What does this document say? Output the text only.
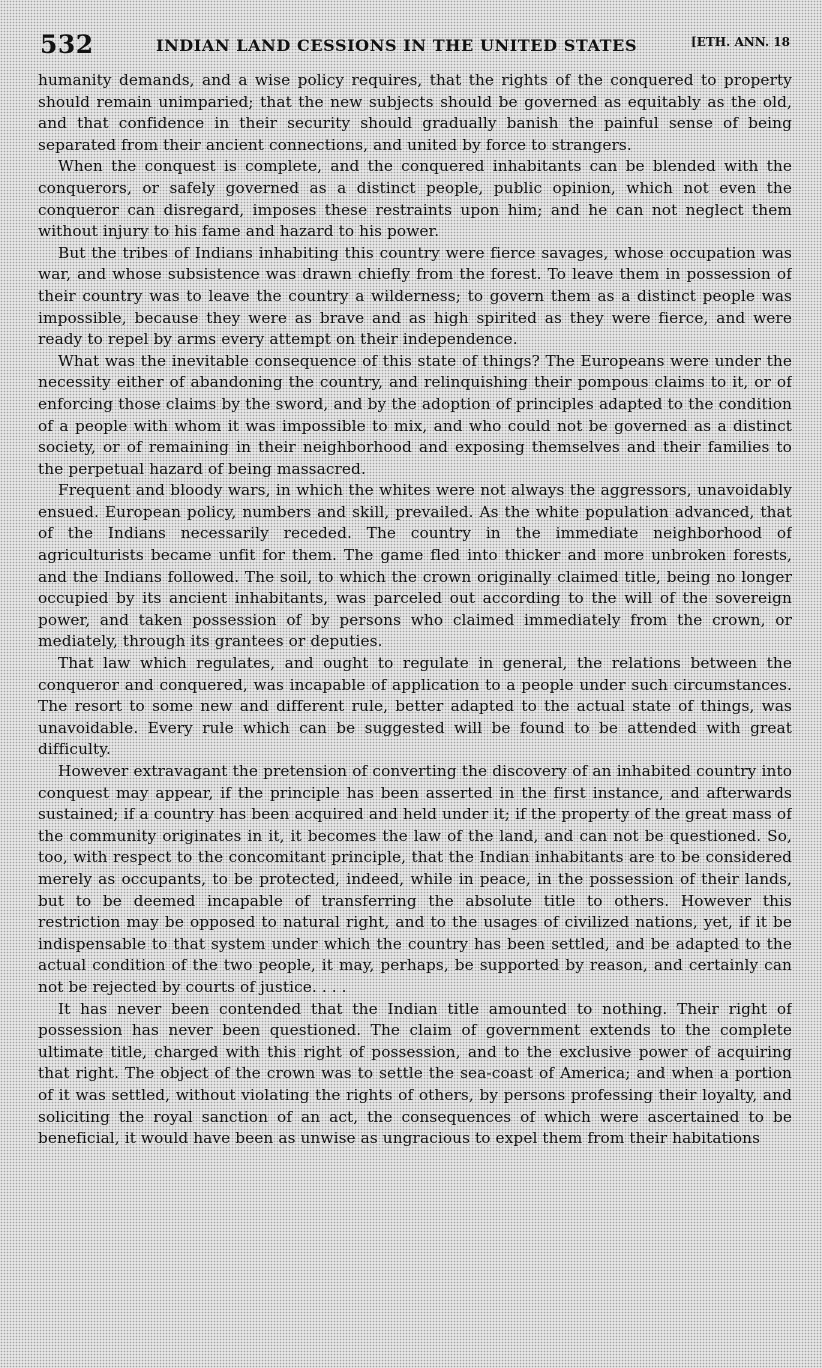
532	INDIAN LAND CESSIONS IN THE UNITED STATES	[ETH. ANN. 18

humanity demands, and a wise policy requires, that the rights of the conquered to property should remain unimparied; that the new subjects should be governed as equitably as the old, and that confidence in their security should gradually banish the painful sense of being separated from their ancient connections, and united by force to strangers.

When the conquest is complete, and the conquered inhabitants can be blended with the conquerors, or safely governed as a distinct people, public opinion, which not even the conqueror can disregard, imposes these restraints upon him; and he can not neglect them without injury to his fame and hazard to his power.

But the tribes of Indians inhabiting this country were fierce savages, whose occupation was war, and whose subsistence was drawn chiefly from the forest. To leave them in possession of their country was to leave the country a wilderness; to govern them as a distinct people was impossible, because they were as brave and as high spirited as they were fierce, and were ready to repel by arms every attempt on their independence.

What was the inevitable consequence of this state of things? The Europeans were under the necessity either of abandoning the country, and relinquishing their pompous claims to it, or of enforcing those claims by the sword, and by the adoption of principles adapted to the condition of a people with whom it was impossible to mix, and who could not be governed as a distinct society, or of remaining in their neighborhood and exposing themselves and their families to the perpetual hazard of being massacred.

Frequent and bloody wars, in which the whites were not always the aggressors, unavoidably ensued. European policy, numbers and skill, prevailed. As the white population advanced, that of the Indians necessarily receded. The country in the immediate neighborhood of agriculturists became unfit for them. The game fled into thicker and more unbroken forests, and the Indians followed. The soil, to which the crown originally claimed title, being no longer occupied by its ancient inhabitants, was parceled out according to the will of the sovereign power, and taken possession of by persons who claimed immediately from the crown, or mediately, through its grantees or deputies.

That law which regulates, and ought to regulate in general, the relations between the conqueror and conquered, was incapable of application to a people under such circumstances. The resort to some new and different rule, better adapted to the actual state of things, was unavoidable. Every rule which can be suggested will be found to be attended with great difficulty.

However extravagant the pretension of converting the discovery of an inhabited country into conquest may appear, if the principle has been asserted in the first instance, and afterwards sustained; if a country has been acquired and held under it; if the property of the great mass of the community originates in it, it becomes the law of the land, and can not be questioned. So, too, with respect to the concomitant principle, that the Indian inhabitants are to be considered merely as occupants, to be protected, indeed, while in peace, in the possession of their lands, but to be deemed incapable of transferring the absolute title to others. However this restriction may be opposed to natural right, and to the usages of civilized nations, yet, if it be indispensable to that system under which the country has been settled, and be adapted to the actual condition of the two people, it may, perhaps, be supported by reason, and certainly can not be rejected by courts of justice. . . .

It has never been contended that the Indian title amounted to nothing. Their right of possession has never been questioned. The claim of government extends to the complete ultimate title, charged with this right of possession, and to the exclusive power of acquiring that right. The object of the crown was to settle the sea-coast of America; and when a portion of it was settled, without violating the rights of others, by persons professing their loyalty, and soliciting the royal sanction of an act, the consequences of which were ascertained to be beneficial, it would have been as unwise as ungracious to expel them from their habitations
